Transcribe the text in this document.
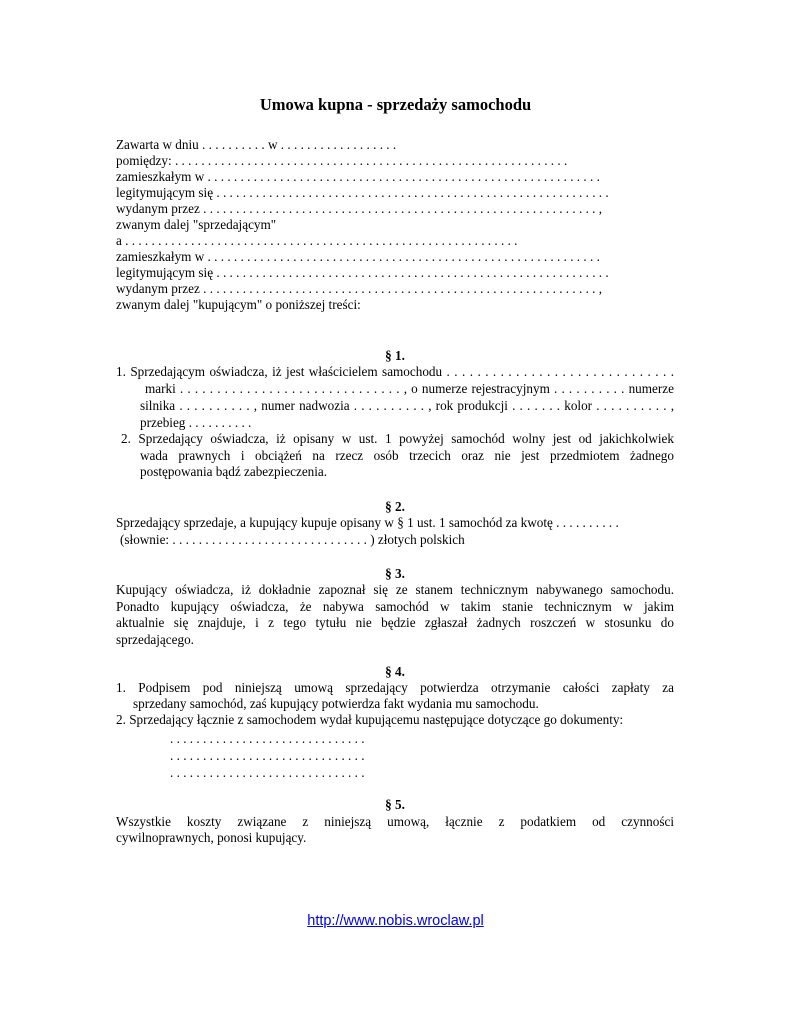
Umowa kupna - sprzedaży samochodu
Zawarta w dniu . . . . . . . . . . w . . . . . . . . . . . . . . . . . .
pomiędzy: . . . . . . . . . . . . . . . . . . . . . . . . . . . . . . . . . . . . . . . . . . . . . . . . . . . . . . . . . . . .
zamieszkałym w . . . . . . . . . . . . . . . . . . . . . . . . . . . . . . . . . . . . . . . . . . . . . . . . . . . . . . . . . . . .
legitymującym się . . . . . . . . . . . . . . . . . . . . . . . . . . . . . . . . . . . . . . . . . . . . . . . . . . . . . . . . . . . .
wydanym przez . . . . . . . . . . . . . . . . . . . . . . . . . . . . . . . . . . . . . . . . . . . . . . . . . . . . . . . . . . . . ,
zwanym dalej "sprzedającym"
a . . . . . . . . . . . . . . . . . . . . . . . . . . . . . . . . . . . . . . . . . . . . . . . . . . . . . . . . . . . .
zamieszkałym w . . . . . . . . . . . . . . . . . . . . . . . . . . . . . . . . . . . . . . . . . . . . . . . . . . . . . . . . . . . .
legitymującym się . . . . . . . . . . . . . . . . . . . . . . . . . . . . . . . . . . . . . . . . . . . . . . . . . . . . . . . . . . . .
wydanym przez . . . . . . . . . . . . . . . . . . . . . . . . . . . . . . . . . . . . . . . . . . . . . . . . . . . . . . . . . . . . ,
zwanym dalej "kupującym" o poniższej treści:
§ 1.
1. Sprzedającym oświadcza, iż jest właścicielem samochodu . . . . . . . . . . . . . . . . . . . . . . . . . . . . . .
marki . . . . . . . . . . . . . . . . . . . . . . . . . . . . . . , o numerze rejestracyjnym . . . . . . . . . . numerze
silnika . . . . . . . . . . , numer nadwozia . . . . . . . . . . , rok produkcji . . . . . . . kolor . . . . . . . . . . ,
przebieg . . . . . . . . . .
2. Sprzedający oświadcza, iż opisany w ust. 1 powyżej samochód wolny jest od jakichkolwiek
wada prawnych i obciążeń na rzecz osób trzecich oraz nie jest przedmiotem żadnego
postępowania bądź zabezpieczenia.
§ 2.
Sprzedający sprzedaje, a kupujący kupuje opisany w § 1 ust. 1 samochód za kwotę . . . . . . . . . .
(słownie: . . . . . . . . . . . . . . . . . . . . . . . . . . . . . . ) złotych polskich
§ 3.
Kupujący oświadcza, iż dokładnie zapoznał się ze stanem technicznym nabywanego samochodu.
Ponadto kupujący oświadcza, że nabywa samochód w takim stanie technicznym w jakim
aktualnie się znajduje, i z tego tytułu nie będzie zgłaszał żadnych roszczeń w stosunku do
sprzedającego.
§ 4.
1. Podpisem pod niniejszą umową sprzedający potwierdza otrzymanie całości zapłaty za
sprzedany samochód, zaś kupujący potwierdza fakt wydania mu samochodu.
2. Sprzedający łącznie z samochodem wydał kupującemu następujące dotyczące go dokumenty:
. . . . . . . . . . . . . . . . . . . . . . . . . . . . . .
. . . . . . . . . . . . . . . . . . . . . . . . . . . . . .
. . . . . . . . . . . . . . . . . . . . . . . . . . . . . .
§ 5.
Wszystkie koszty związane z niniejszą umową, łącznie z podatkiem od czynności
cywilnoprawnych, ponosi kupujący.
http://www.nobis.wroclaw.pl
